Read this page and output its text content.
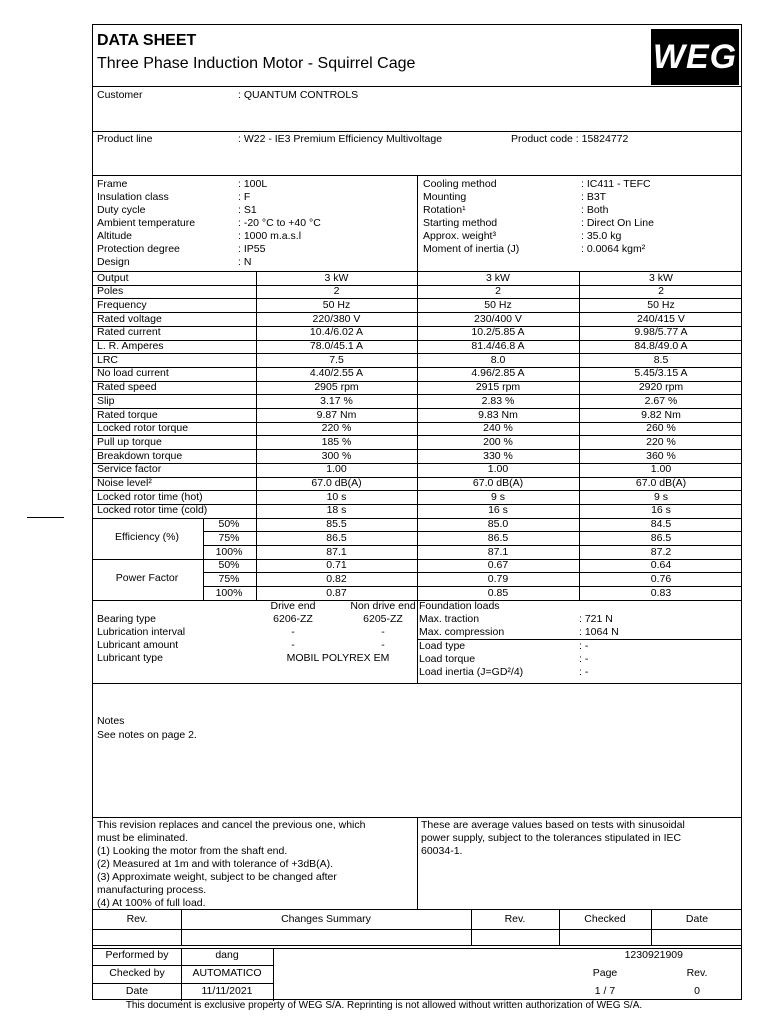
DATA SHEET
Three Phase Induction Motor - Squirrel Cage	WEG
Customer	: QUANTUM CONTROLS
Product line	: W22 - IE3 Premium Efficiency Multivoltage	Product code : 15824772
Frame	: 100L
Insulation class	: F
Duty cycle	: S1
Ambient temperature	: -20 °C to +40 °C
Altitude	: 1000 m.a.s.l
Protection degree	: IP55
Design	: N
Cooling method	: IC411 - TEFC
Mounting	: B3T
Rotation¹	: Both
Starting method	: Direct On Line
Approx. weight³	: 35.0 kg
Moment of inertia (J)	: 0.0064 kgm²
Output	3 kW	3 kW	3 kW
Poles	2	2	2
Frequency	50 Hz	50 Hz	50 Hz
Rated voltage	220/380 V	230/400 V	240/415 V
Rated current	10.4/6.02 A	10.2/5.85 A	9.98/5.77 A
L. R. Amperes	78.0/45.1 A	81.4/46.8 A	84.8/49.0 A
LRC	7.5	8.0	8.5
No load current	4.40/2.55 A	4.96/2.85 A	5.45/3.15 A
Rated speed	2905 rpm	2915 rpm	2920 rpm
Slip	3.17 %	2.83 %	2.67 %
Rated torque	9.87 Nm	9.83 Nm	9.82 Nm
Locked rotor torque	220 %	240 %	260 %
Pull up torque	185 %	200 %	220 %
Breakdown torque	300 %	330 %	360 %
Service factor	1.00	1.00	1.00
Noise level²	67.0 dB(A)	67.0 dB(A)	67.0 dB(A)
Locked rotor time (hot)	10 s	9 s	9 s
Locked rotor time (cold)	18 s	16 s	16 s
Efficiency (%)
50%	85.5	85.0	84.5
75%	86.5	86.5	86.5
100%	87.1	87.1	87.2
Power Factor
50%	0.71	0.67	0.64
75%	0.82	0.79	0.76
100%	0.87	0.85	0.83
Drive end	Non drive end
Bearing type	6206-ZZ	6205-ZZ
Lubrication interval	-	-
Lubricant amount	-	-
Lubricant type	MOBIL POLYREX EM
Foundation loads
Max. traction	: 721 N
Max. compression	: 1064 N
Load type	: -
Load torque	: -
Load inertia (J=GD²/4)	: -
Notes
See notes on page 2.
This revision replaces and cancel the previous one, which
must be eliminated.
(1) Looking the motor from the shaft end.
(2) Measured at 1m and with tolerance of +3dB(A).
(3) Approximate weight, subject to be changed after
manufacturing process.
(4) At 100% of full load.
These are average values based on tests with sinusoidal
power supply, subject to the tolerances stipulated in IEC
60034-1.
Rev.	Changes Summary	Rev.	Checked	Date
Performed by	dang
Checked by	AUTOMATICO
Date	11/11/2021
1230921909
Page
1 / 7
Rev.
0
This document is exclusive property of WEG S/A. Reprinting is not allowed without written authorization of WEG S/A.
